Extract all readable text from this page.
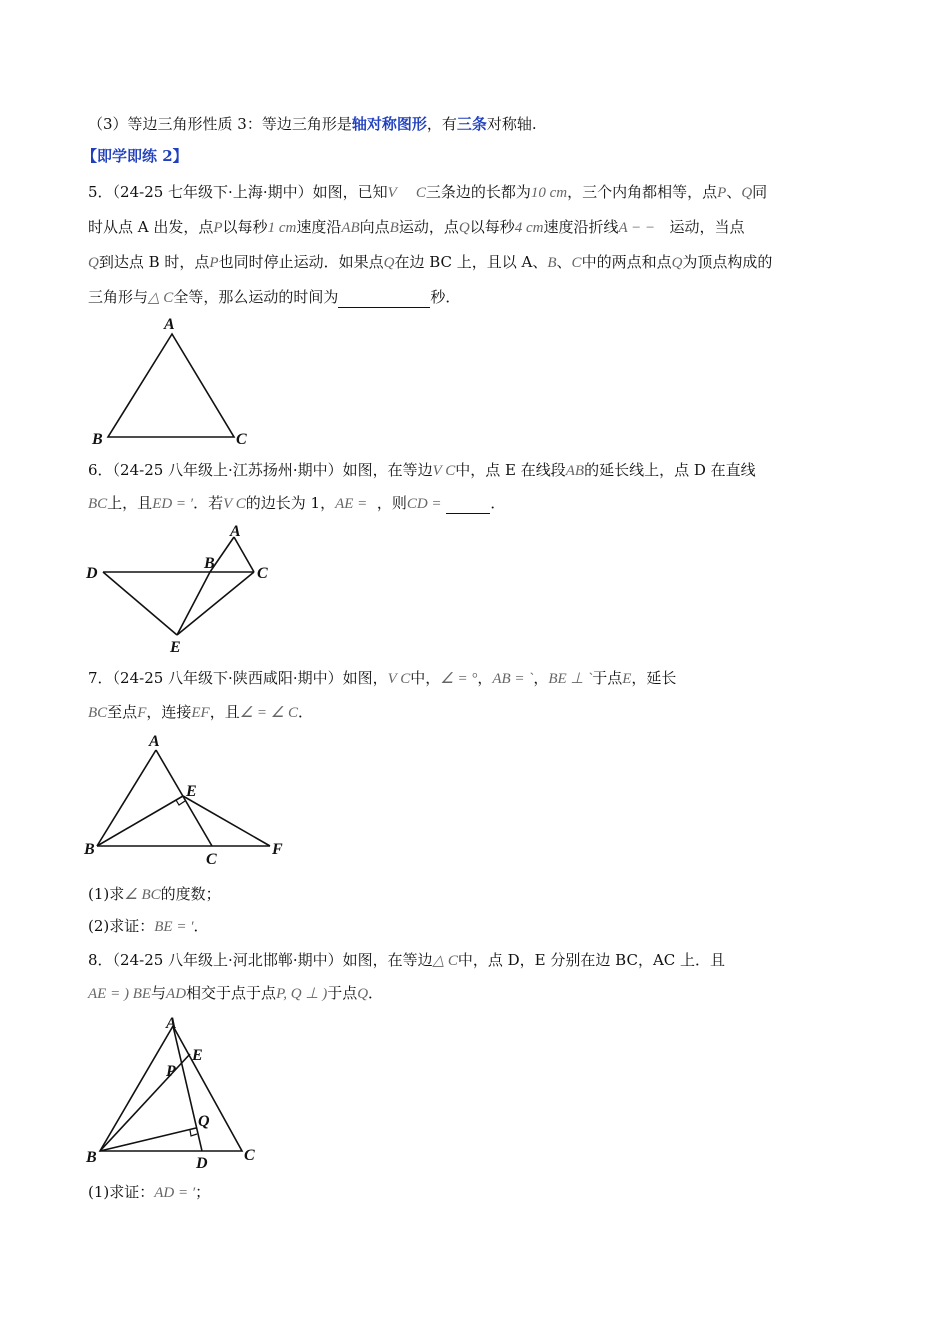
（3）等边三角形性质 3：等边三角形是轴对称图形，有三条对称轴.
【即学即练 2】
5．（24-25 七年级下·上海·期中）如图，已知V C三条边的长都为10 cm，三个内角都相等，点P、Q同
时从点 A 出发，点P以每秒1 cm速度沿AB向点B运动，点Q以每秒4 cm速度沿折线A − − 运动，当点
Q到达点 B 时，点P也同时停止运动．如果点Q在边 BC 上，且以 A、B、C中的两点和点Q为顶点构成的
三角形与△ C全等，那么运动的时间为	秒．
A
B	C
6．（24-25 八年级上·江苏扬州·期中）如图，在等边V C中，点 E 在线段AB的延长线上，点 D 在直线
BC上，且ED = ′．若V C的边长为 1，AE = ，则CD =	．
A
B
C
D
E
7．（24-25 八年级下·陕西咸阳·期中）如图，V C中，∠ = °，AB = `，BE ⊥ `于点E，延长
BC至点F，连接EF，且∠ = ∠ C．
A
B
C
E
F
(1)求∠ BC的度数；
(2)求证：BE = ′．
8．（24-25 八年级上·河北邯郸·期中）如图，在等边△ C中，点 D，E 分别在边 BC，AC 上．且
AE = ) BE与AD相交于点于点P, Q ⊥ )于点Q．
A
B	C
D
E
P
Q
(1)求证：AD = ′；
